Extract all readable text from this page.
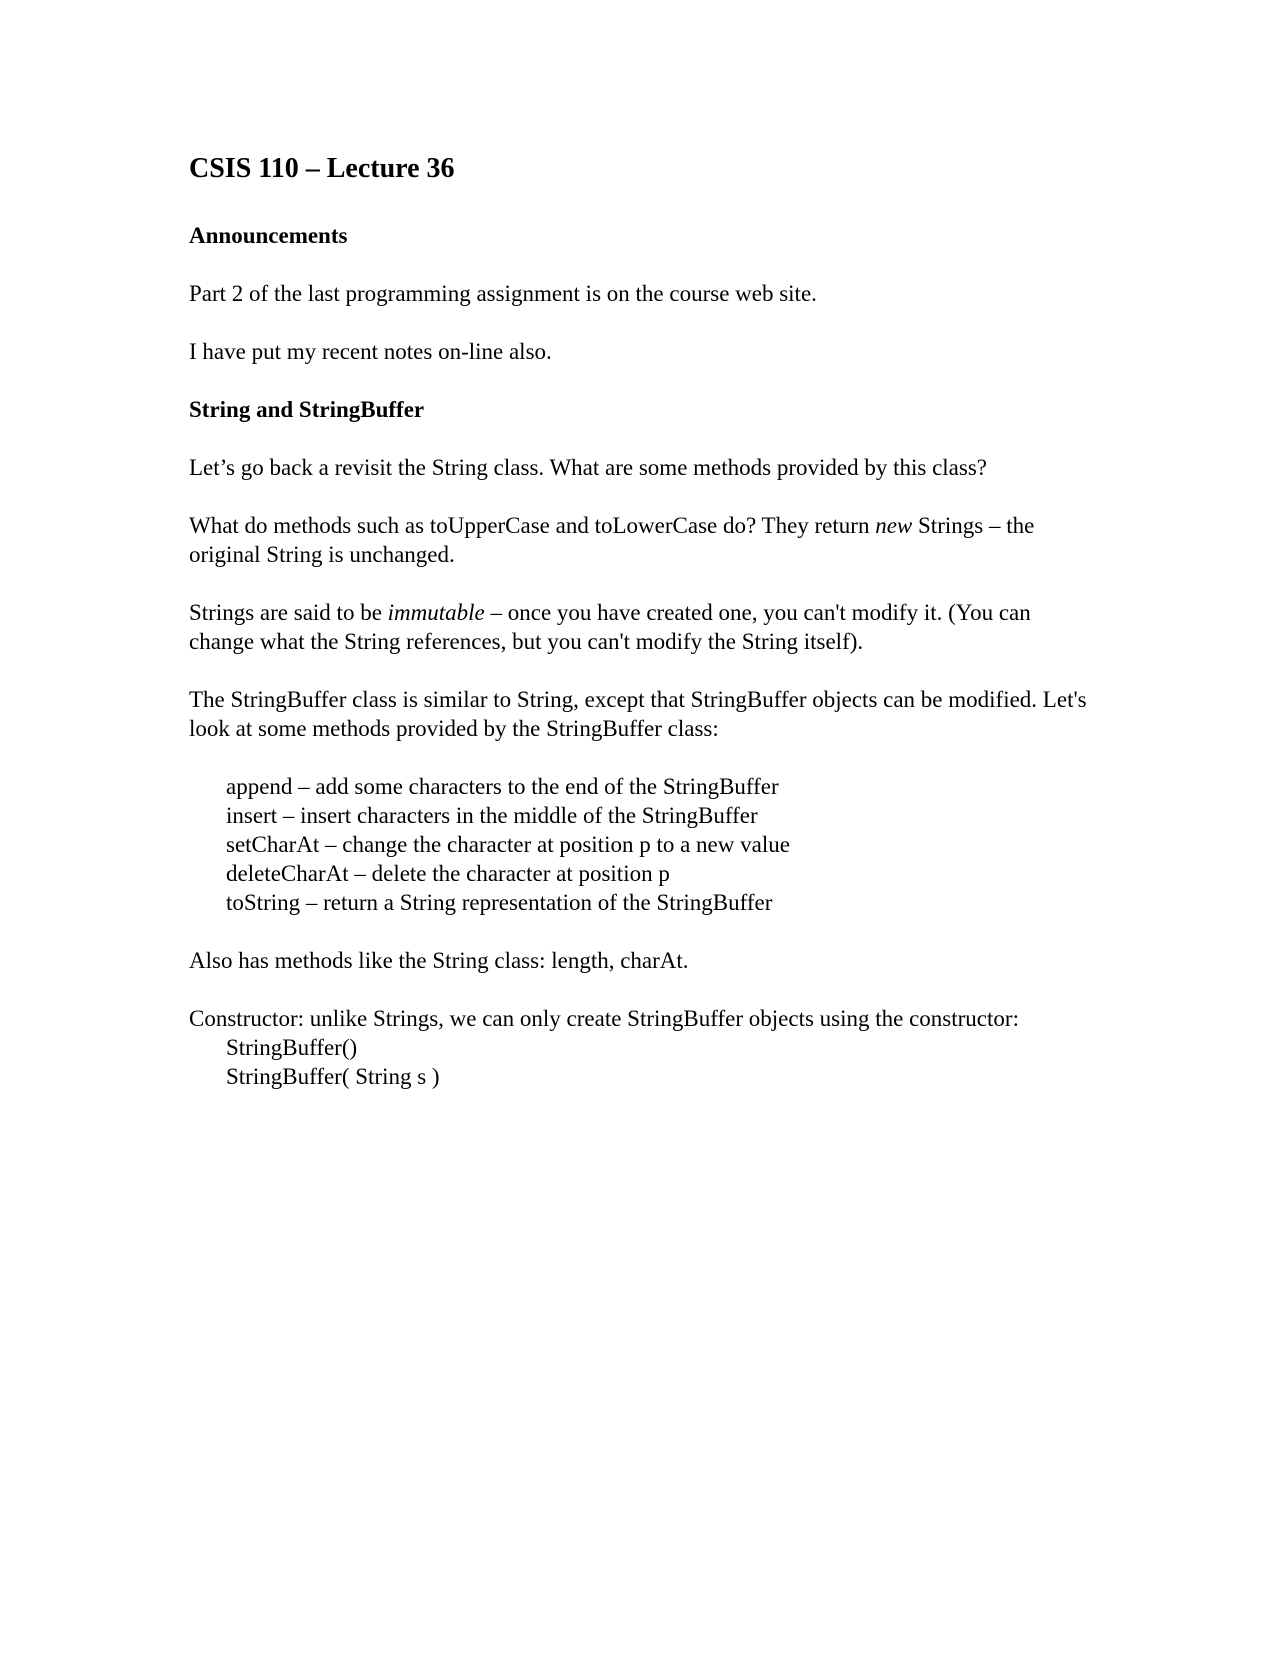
CSIS 110 – Lecture 36
Announcements

Part 2 of the last programming assignment is on the course web site.

I have put my recent notes on-line also.

String and StringBuffer

Let’s go back a revisit the String class. What are some methods provided by this class?

What do methods such as toUpperCase and toLowerCase do? They return new Strings – the original String is unchanged.

Strings are said to be immutable – once you have created one, you can't modify it. (You can change what the String references, but you can't modify the String itself).

The StringBuffer class is similar to String, except that StringBuffer objects can be modified. Let's look at some methods provided by the StringBuffer class:

append – add some characters to the end of the StringBuffer
insert – insert characters in the middle of the StringBuffer
setCharAt – change the character at position p to a new value
deleteCharAt – delete the character at position p
toString – return a String representation of the StringBuffer

Also has methods like the String class: length, charAt.

Constructor: unlike Strings, we can only create StringBuffer objects using the constructor:

StringBuffer()
StringBuffer( String s )
